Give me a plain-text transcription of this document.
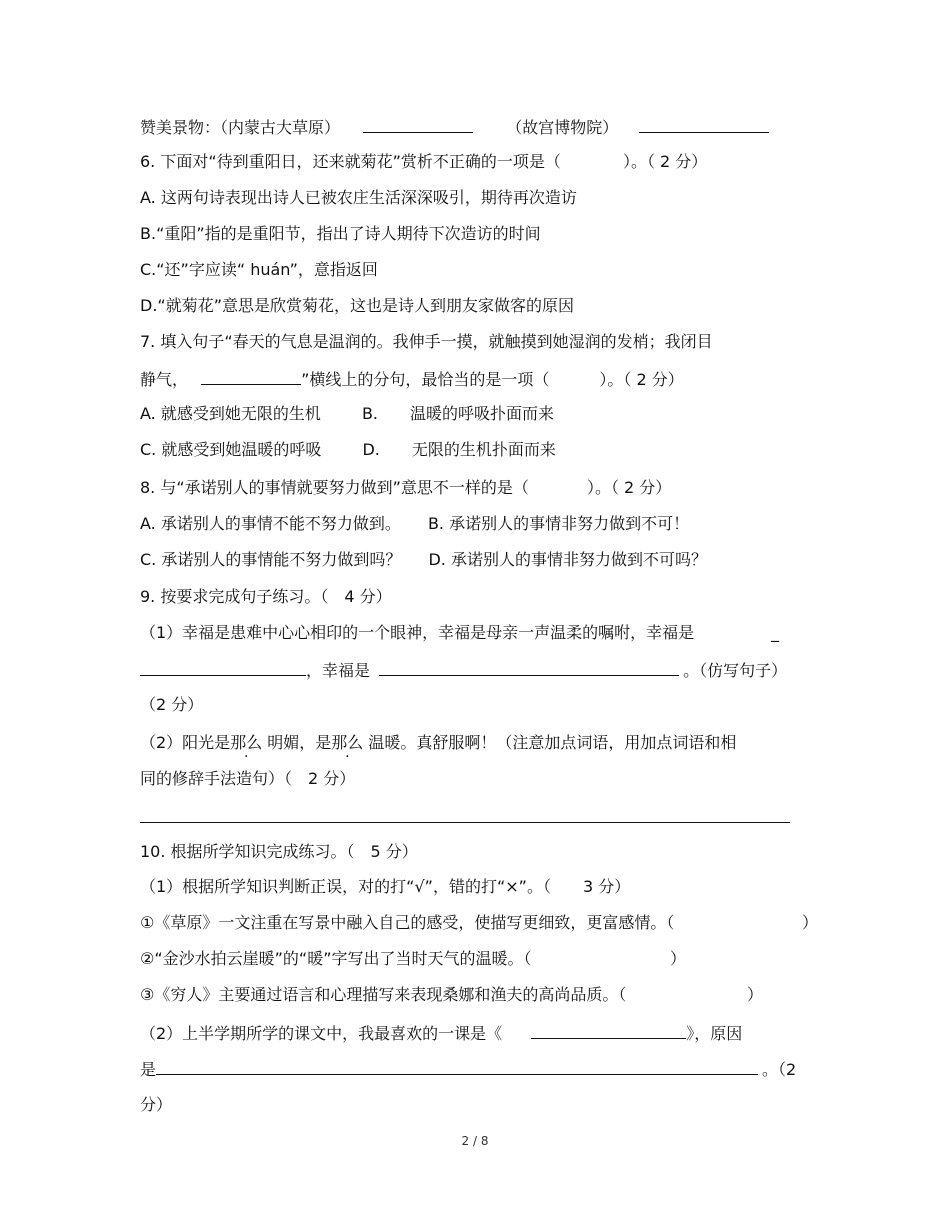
赞美景物：（内蒙古大草原）	（故宫博物院）
6. 下面对“待到重阳日，还来就菊花”赏析不正确的一项是（	）。（ 2 分）
A. 这两句诗表现出诗人已被农庄生活深深吸引，期待再次造访
B.“重阳”指的是重阳节，指出了诗人期待下次造访的时间
C.“还”字应读“ huán”，意指返回
D.“就菊花”意思是欣赏菊花，这也是诗人到朋友家做客的原因
7. 填入句子“春天的气息是温润的。我伸手一摸，就触摸到她湿润的发梢；我闭目
静气，	”横线上的分句，最恰当的是一项（	）。（ 2 分）
A. 就感受到她无限的生机	B.　　温暖的呼吸扑面而来
C. 就感受到她温暖的呼吸	D.　　无限的生机扑面而来
8. 与“承诺别人的事情就要努力做到”意思不一样的是（	）。（ 2 分）
A. 承诺别人的事情不能不努力做到。 B. 承诺别人的事情非努力做到不可！
C. 承诺别人的事情能不努力做到吗？ D. 承诺别人的事情非努力做到不可吗？
9. 按要求完成句子练习。（　4 分）
（1）幸福是患难中心心相印的一个眼神，幸福是母亲一声温柔的嘱咐，幸福是	_
，幸福是	。（仿写句子）
（2 分）
（2）阳光是那么 明媚，是那么 温暖。真舒服啊！（注意加点词语，用加点词语和相
同的修辞手法造句）（　2 分）
10. 根据所学知识完成练习。（　5 分）
（1）根据所学知识判断正误，对的打“√”，错的打“×”。（　　3 分）
①《草原》一文注重在写景中融入自己的感受，使描写更细致，更富感情。（	）
②“金沙水拍云崖暖”的“暖”字写出了当时天气的温暖。（	）
③《穷人》主要通过语言和心理描写来表现桑娜和渔夫的高尚品质。（	）
（2）上半学期所学的课文中，我最喜欢的一课是《	》，原因
是	。（2
分）
2 / 8
